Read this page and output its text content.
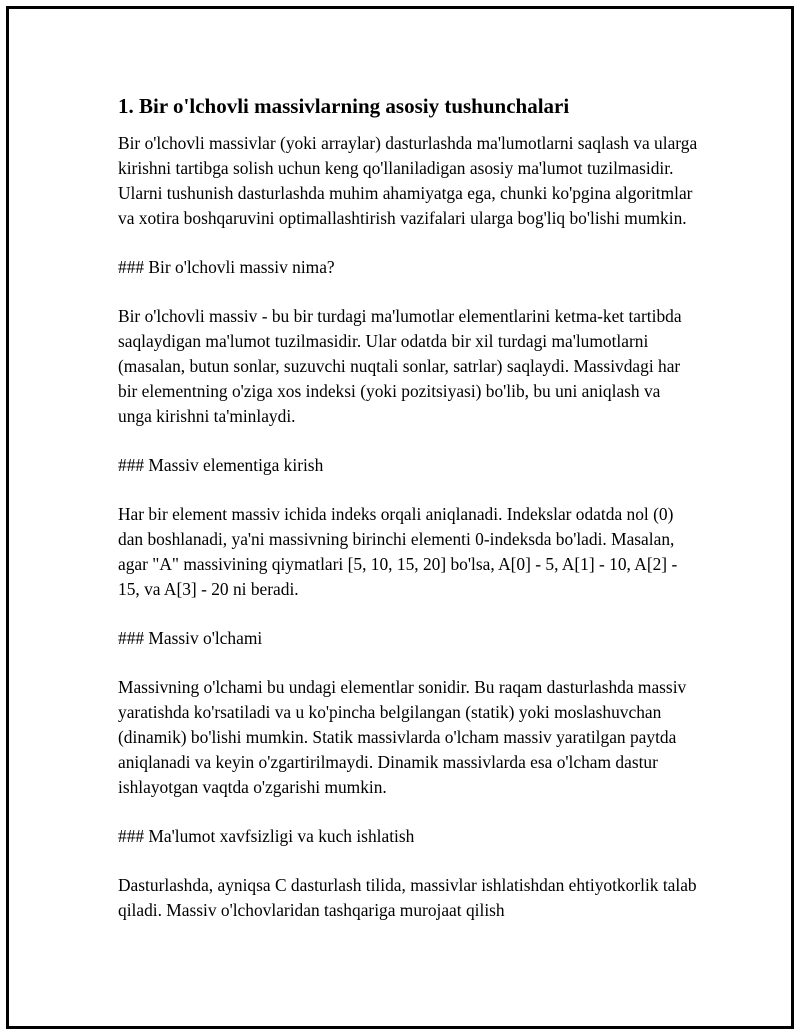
1. Bir o'lchovli massivlarning asosiy tushunchalari

Bir o'lchovli massivlar (yoki arraylar) dasturlashda ma'lumotlarni saqlash va ularga kirishni tartibga solish uchun keng qo'llaniladigan asosiy ma'lumot tuzilmasidir. Ularni tushunish dasturlashda muhim ahamiyatga ega, chunki ko'pgina algoritmlar va xotira boshqaruvini optimallashtirish vazifalari ularga bog'liq bo'lishi mumkin.

### Bir o'lchovli massiv nima?

Bir o'lchovli massiv - bu bir turdagi ma'lumotlar elementlarini ketma-ket tartibda saqlaydigan ma'lumot tuzilmasidir. Ular odatda bir xil turdagi ma'lumotlarni (masalan, butun sonlar, suzuvchi nuqtali sonlar, satrlar) saqlaydi. Massivdagi har bir elementning o'ziga xos indeksi (yoki pozitsiyasi) bo'lib, bu uni aniqlash va unga kirishni ta'minlaydi.

### Massiv elementiga kirish

Har bir element massiv ichida indeks orqali aniqlanadi. Indekslar odatda nol (0) dan boshlanadi, ya'ni massivning birinchi elementi 0-indeksda bo'ladi. Masalan, agar "A" massivining qiymatlari [5, 10, 15, 20] bo'lsa, A[0] - 5, A[1] - 10, A[2] - 15, va A[3] - 20 ni beradi.

### Massiv o'lchami

Massivning o'lchami bu undagi elementlar sonidir. Bu raqam dasturlashda massiv yaratishda ko'rsatiladi va u ko'pincha belgilangan (statik) yoki moslashuvchan (dinamik) bo'lishi mumkin. Statik massivlarda o'lcham massiv yaratilgan paytda aniqlanadi va keyin o'zgartirilmaydi. Dinamik massivlarda esa o'lcham dastur ishlayotgan vaqtda o'zgarishi mumkin.

### Ma'lumot xavfsizligi va kuch ishlatish

Dasturlashda, ayniqsa C dasturlash tilida, massivlar ishlatishdan ehtiyotkorlik talab qiladi. Massiv o'lchovlaridan tashqariga murojaat qilish
